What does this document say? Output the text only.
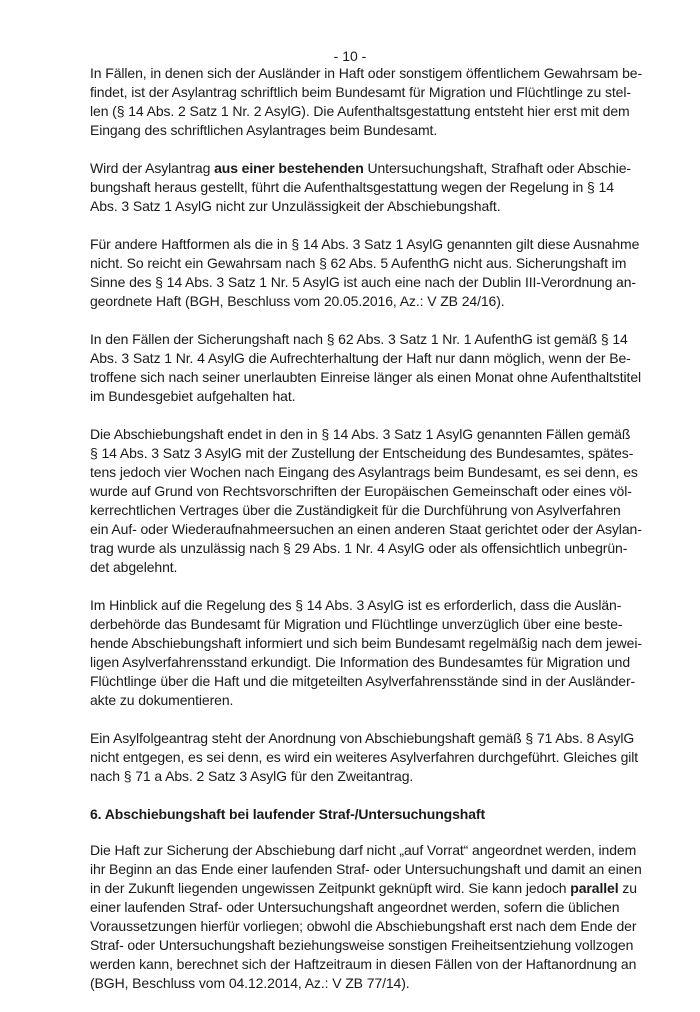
- 10 -

In Fällen, in denen sich der Ausländer in Haft oder sonstigem öffentlichem Gewahrsam be-
findet, ist der Asylantrag schriftlich beim Bundesamt für Migration und Flüchtlinge zu stel-
len (§ 14 Abs. 2 Satz 1 Nr. 2 AsylG). Die Aufenthaltsgestattung entsteht hier erst mit dem
Eingang des schriftlichen Asylantrages beim Bundesamt.

Wird der Asylantrag aus einer bestehenden Untersuchungshaft, Strafhaft oder Abschie-
bungshaft heraus gestellt, führt die Aufenthaltsgestattung wegen der Regelung in § 14
Abs. 3 Satz 1 AsylG nicht zur Unzulässigkeit der Abschiebungshaft.

Für andere Haftformen als die in § 14 Abs. 3 Satz 1 AsylG genannten gilt diese Ausnahme
nicht. So reicht ein Gewahrsam nach § 62 Abs. 5 AufenthG nicht aus. Sicherungshaft im
Sinne des § 14 Abs. 3 Satz 1 Nr. 5 AsylG ist auch eine nach der Dublin III-Verordnung an-
geordnete Haft (BGH, Beschluss vom 20.05.2016, Az.: V ZB 24/16).

In den Fällen der Sicherungshaft nach § 62 Abs. 3 Satz 1 Nr. 1 AufenthG ist gemäß § 14
Abs. 3 Satz 1 Nr. 4 AsylG die Aufrechterhaltung der Haft nur dann möglich, wenn der Be-
troffene sich nach seiner unerlaubten Einreise länger als einen Monat ohne Aufenthaltstitel
im Bundesgebiet aufgehalten hat.

Die Abschiebungshaft endet in den in § 14 Abs. 3 Satz 1 AsylG genannten Fällen gemäß
§ 14 Abs. 3 Satz 3 AsylG mit der Zustellung der Entscheidung des Bundesamtes, spätes-
tens jedoch vier Wochen nach Eingang des Asylantrags beim Bundesamt, es sei denn, es
wurde auf Grund von Rechtsvorschriften der Europäischen Gemeinschaft oder eines völ-
kerrechtlichen Vertrages über die Zuständigkeit für die Durchführung von Asylverfahren
ein Auf- oder Wiederaufnahmeersuchen an einen anderen Staat gerichtet oder der Asylan-
trag wurde als unzulässig nach § 29 Abs. 1 Nr. 4 AsylG oder als offensichtlich unbegrün-
det abgelehnt.

Im Hinblick auf die Regelung des § 14 Abs. 3 AsylG ist es erforderlich, dass die Auslän-
derbehörde das Bundesamt für Migration und Flüchtlinge unverzüglich über eine beste-
hende Abschiebungshaft informiert und sich beim Bundesamt regelmäßig nach dem jewei-
ligen Asylverfahrensstand erkundigt. Die Information des Bundesamtes für Migration und
Flüchtlinge über die Haft und die mitgeteilten Asylverfahrensstände sind in der Ausländer-
akte zu dokumentieren.

Ein Asylfolgeantrag steht der Anordnung von Abschiebungshaft gemäß § 71 Abs. 8 AsylG
nicht entgegen, es sei denn, es wird ein weiteres Asylverfahren durchgeführt. Gleiches gilt
nach § 71 a Abs. 2 Satz 3 AsylG für den Zweitantrag.

6. Abschiebungshaft bei laufender Straf-/Untersuchungshaft

Die Haft zur Sicherung der Abschiebung darf nicht „auf Vorrat“ angeordnet werden, indem
ihr Beginn an das Ende einer laufenden Straf- oder Untersuchungshaft und damit an einen
in der Zukunft liegenden ungewissen Zeitpunkt geknüpft wird. Sie kann jedoch parallel zu
einer laufenden Straf- oder Untersuchungshaft angeordnet werden, sofern die üblichen
Voraussetzungen hierfür vorliegen; obwohl die Abschiebungshaft erst nach dem Ende der
Straf- oder Untersuchungshaft beziehungsweise sonstigen Freiheitsentziehung vollzogen
werden kann, berechnet sich der Haftzeitraum in diesen Fällen von der Haftanordnung an
(BGH, Beschluss vom 04.12.2014, Az.: V ZB 77/14).
